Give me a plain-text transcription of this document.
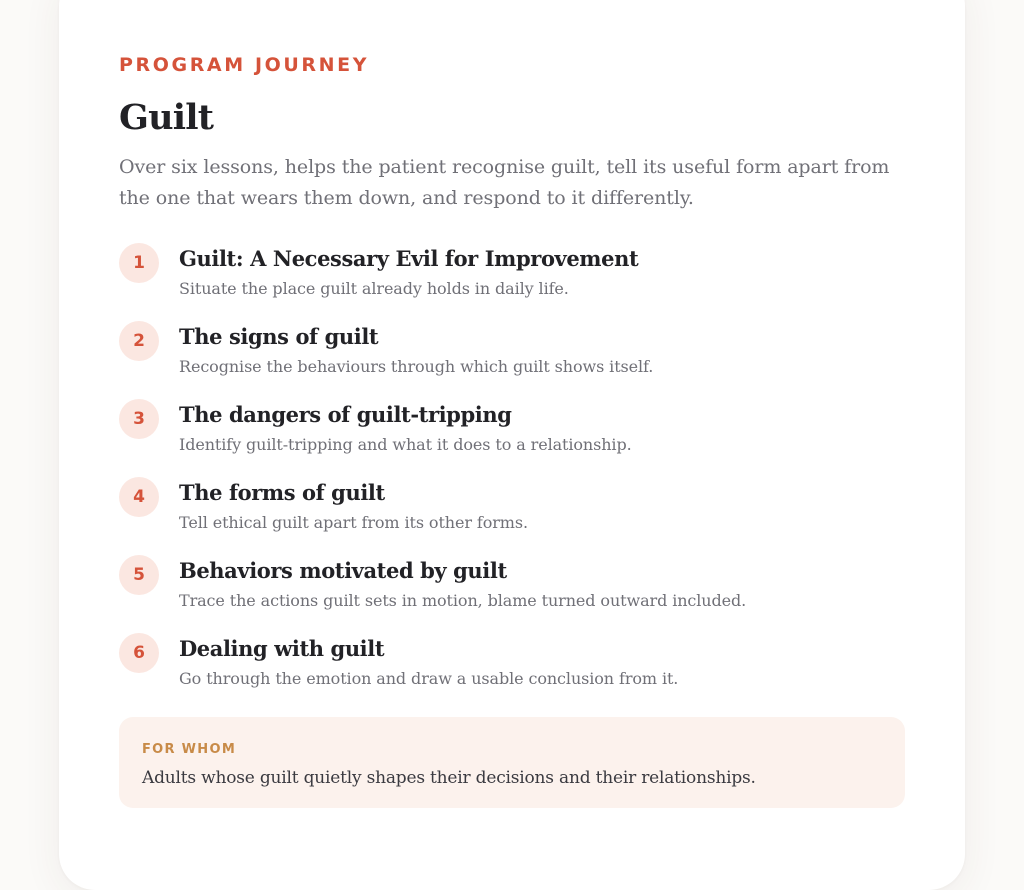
PROGRAM JOURNEY
Guilt
Over six lessons, helps the patient recognise guilt, tell its useful form apart from the one that wears them down, and respond to it differently.
1	Guilt: A Necessary Evil for Improvement
Situate the place guilt already holds in daily life.
2	The signs of guilt
Recognise the behaviours through which guilt shows itself.
3	The dangers of guilt-tripping
Identify guilt-tripping and what it does to a relationship.
4	The forms of guilt
Tell ethical guilt apart from its other forms.
5	Behaviors motivated by guilt
Trace the actions guilt sets in motion, blame turned outward included.
6	Dealing with guilt
Go through the emotion and draw a usable conclusion from it.
FOR WHOM
Adults whose guilt quietly shapes their decisions and their relationships.
